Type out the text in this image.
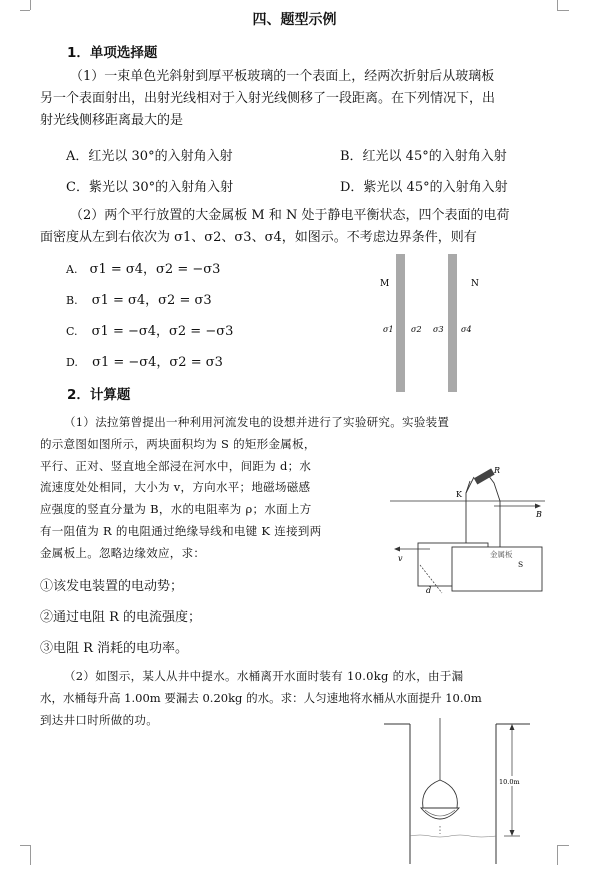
四、题型示例
1．单项选择题
（1）一束单色光斜射到厚平板玻璃的一个表面上，经两次折射后从玻璃板
另一个表面射出，出射光线相对于入射光线侧移了一段距离。在下列情况下，出
射光线侧移距离最大的是
A．红光以 30°的入射角入射	B．红光以 45°的入射角入射
C．紫光以 30°的入射角入射	D．紫光以 45°的入射角入射
（2）两个平行放置的大金属板 M 和 N 处于静电平衡状态，四个表面的电荷
面密度从左到右依次为 σ1、σ2、σ3、σ4，如图示。不考虑边界条件，则有
A. σ1 = σ4，σ2 = −σ3
B. σ1 = σ4，σ2 = σ3
C. σ1 = −σ4，σ2 = −σ3
D. σ1 = −σ4，σ2 = σ3
M	N
σ1 σ2 σ3 σ4
2．计算题
（1）法拉第曾提出一种利用河流发电的设想并进行了实验研究。实验装置
的示意图如图所示，两块面积均为 S 的矩形金属板，
平行、正对、竖直地全部浸在河水中，间距为 d；水
流速度处处相同，大小为 v，方向水平；地磁场磁感
应强度的竖直分量为 B，水的电阻率为 ρ；水面上方
有一阻值为 R 的电阻通过绝缘导线和电键 K 连接到两
金属板上。忽略边缘效应，求：
①该发电装置的电动势；
②通过电阻 R 的电流强度；
③电阻 R 消耗的电功率。
B
R
K
金属板
S
v
d
（2）如图示，某人从井中提水。水桶离开水面时装有 10.0kg 的水，由于漏
水，水桶每升高 1.00m 要漏去 0.20kg 的水。求：人匀速地将水桶从水面提升 10.0m
到达井口时所做的功。
10.0m
